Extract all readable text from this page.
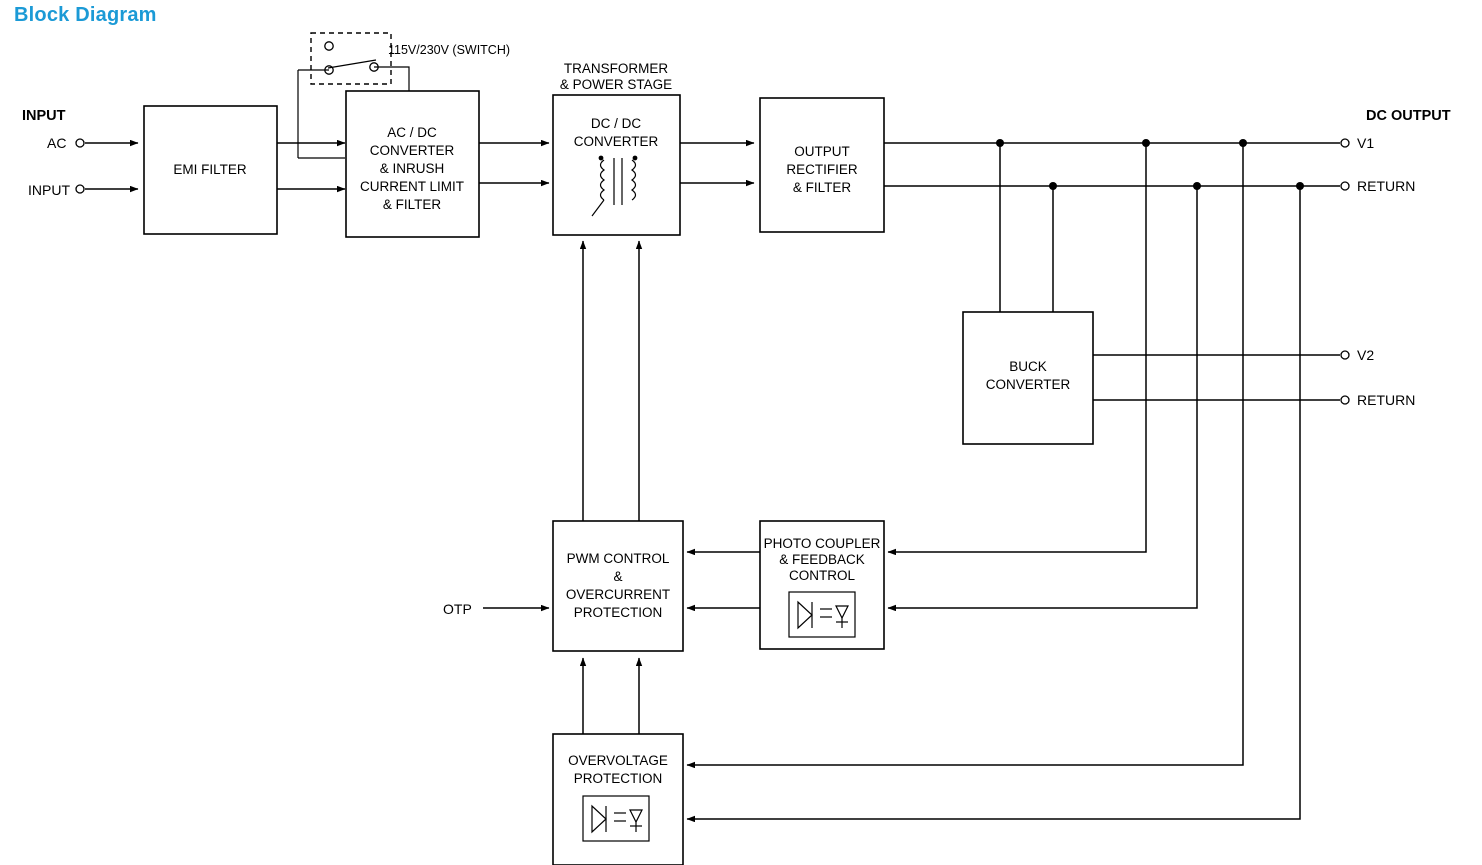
Block Diagram
INPUT
AC
INPUT
EMI FILTER
115V/230V (SWITCH)
AC / DC
CONVERTER
& INRUSH
CURRENT LIMIT
& FILTER
TRANSFORMER
& POWER STAGE
DC / DC
CONVERTER
OUTPUT
RECTIFIER
& FILTER
DC OUTPUT
V1
RETURN
V2
RETURN
BUCK
CONVERTER
PWM CONTROL
&
OVERCURRENT
PROTECTION
OTP
PHOTO COUPLER
& FEEDBACK
CONTROL
OVERVOLTAGE
PROTECTION
